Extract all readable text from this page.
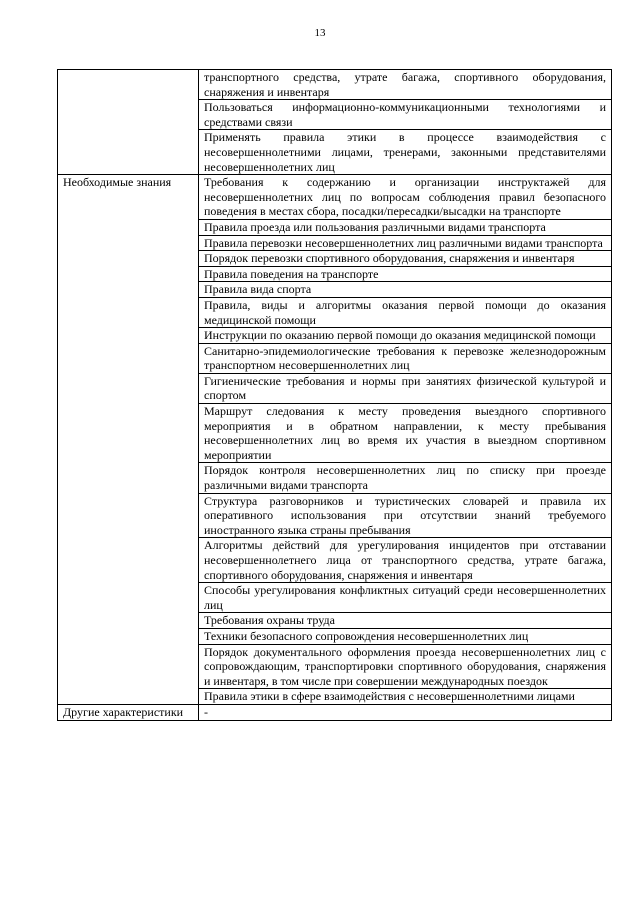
13
	транспортного средства, утрате багажа, спортивного оборудования, снаряжения и инвентаря
	Пользоваться информационно-коммуникационными технологиями и средствами связи
	Применять правила этики в процессе взаимодействия с несовершеннолетними лицами, тренерами, законными представителями несовершеннолетних лиц
Необходимые знания	Требования к содержанию и организации инструктажей для несовершеннолетних лиц по вопросам соблюдения правил безопасного поведения в местах сбора, посадки/пересадки/высадки на транспорте
	Правила проезда или пользования различными видами транспорта
	Правила перевозки несовершеннолетних лиц различными видами транспорта
	Порядок перевозки спортивного оборудования, снаряжения и инвентаря
	Правила поведения на транспорте
	Правила вида спорта
	Правила, виды и алгоритмы оказания первой помощи до оказания медицинской помощи
	Инструкции по оказанию первой помощи до оказания медицинской помощи
	Санитарно-эпидемиологические требования к перевозке железнодорожным транспортном несовершеннолетних лиц
	Гигиенические требования и нормы при занятиях физической культурой и спортом
	Маршрут следования к месту проведения выездного спортивного мероприятия и в обратном направлении, к месту пребывания несовершеннолетних лиц во время их участия в выездном спортивном мероприятии
	Порядок контроля несовершеннолетних лиц по списку при проезде различными видами транспорта
	Структура разговорников и туристических словарей и правила их оперативного использования при отсутствии знаний требуемого иностранного языка страны пребывания
	Алгоритмы действий для урегулирования инцидентов при отставании несовершеннолетнего лица от транспортного средства, утрате багажа, спортивного оборудования, снаряжения и инвентаря
	Способы урегулирования конфликтных ситуаций среди несовершеннолетних лиц
	Требования охраны труда
	Техники безопасного сопровождения несовершеннолетних лиц
	Порядок документального оформления проезда несовершеннолетних лиц с сопровождающим, транспортировки спортивного оборудования, снаряжения и инвентаря, в том числе при совершении международных поездок
	Правила этики в сфере взаимодействия с несовершеннолетними лицами
Другие характеристики	-
